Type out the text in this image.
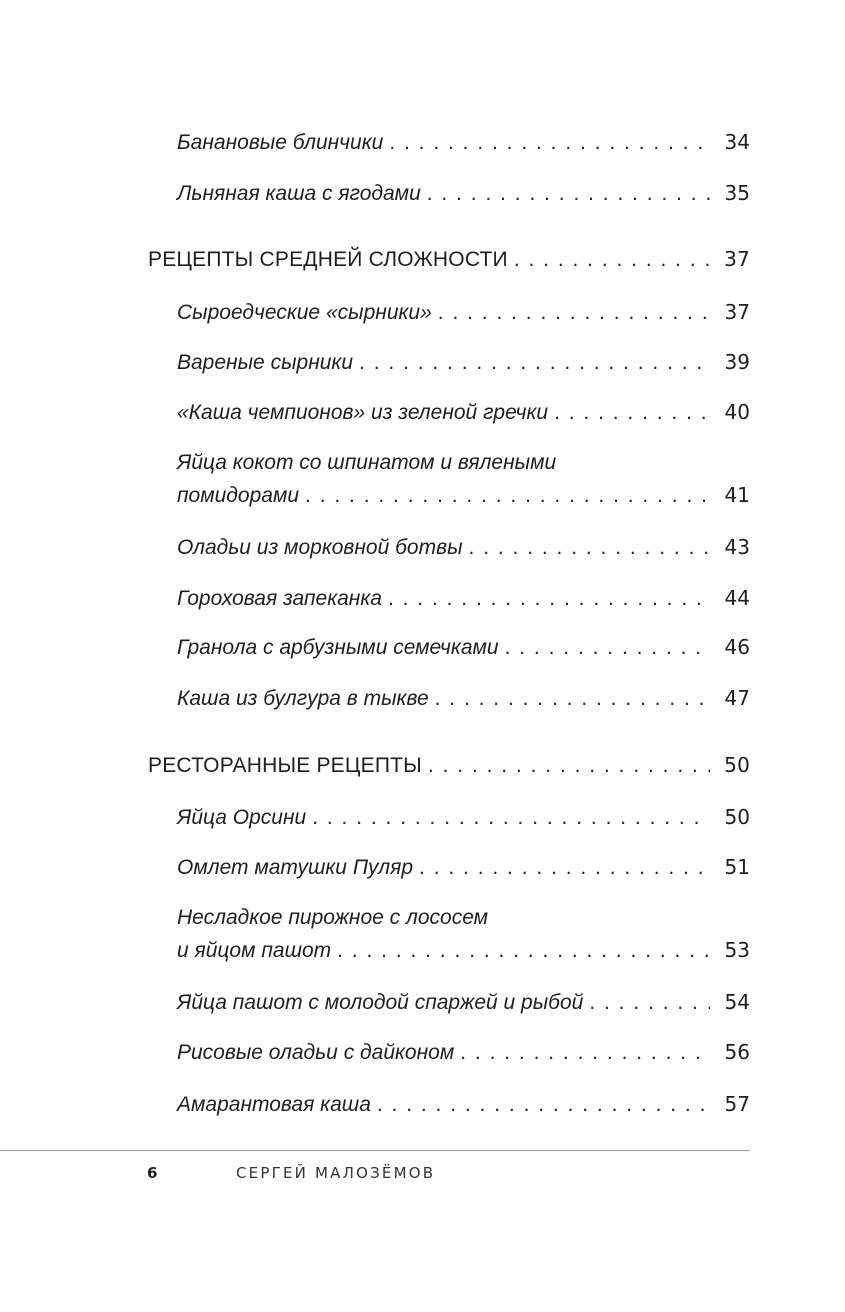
Банановые блинчики . . .	34
Льняная каша с ягодами . . .	35
РЕЦЕПТЫ СРЕДНЕЙ СЛОЖНОСТИ . . .	37
Сыроедческие «сырники» . . .	37
Вареные сырники . . .	39
«Каша чемпионов» из зеленой гречки . . .	40
Яйца кокот со шпинатом и вялеными
помидорами . . .	41
Оладьи из морковной ботвы . . .	43
Гороховая запеканка . . .	44
Гранола с арбузными семечками . . .	46
Каша из булгура в тыкве . . .	47
РЕСТОРАННЫЕ РЕЦЕПТЫ . . .	50
Яйца Орсини . . .	50
Омлет матушки Пуляр . . .	51
Несладкое пирожное с лососем
и яйцом пашот . . .	53
Яйца пашот с молодой спаржей и рыбой . . .	54
Рисовые оладьи с дайконом . . .	56
Амарантовая каша . . .	57
6	СЕРГЕЙ МАЛОЗЁМОВ
